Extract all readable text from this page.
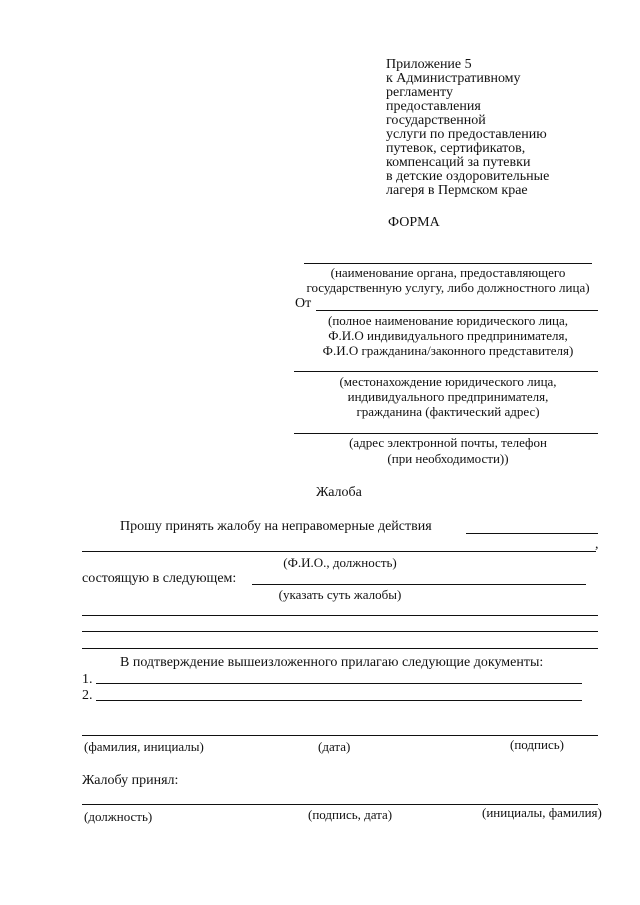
Приложение 5
к Административному
регламенту
предоставления
государственной
услуги по предоставлению
путевок, сертификатов,
компенсаций за путевки
в детские оздоровительные
лагеря в Пермском крае
ФОРМА
(наименование органа, предоставляющего
государственную услугу, либо должностного лица)
От
(полное наименование юридического лица,
Ф.И.О индивидуального предпринимателя,
Ф.И.О гражданина/законного представителя)
(местонахождение юридического лица,
индивидуального предпринимателя,
гражданина (фактический адрес)
(адрес электронной почты, телефон
(при необходимости))
Жалоба
Прошу принять жалобу на неправомерные действия
,
(Ф.И.О., должность)
состоящую в следующем:
(указать суть жалобы)
В подтверждение вышеизложенного прилагаю следующие документы:
1.
2.
(фамилия, инициалы)	(дата)	(подпись)
Жалобу принял:
(должность)	(подпись, дата)	(инициалы, фамилия)
